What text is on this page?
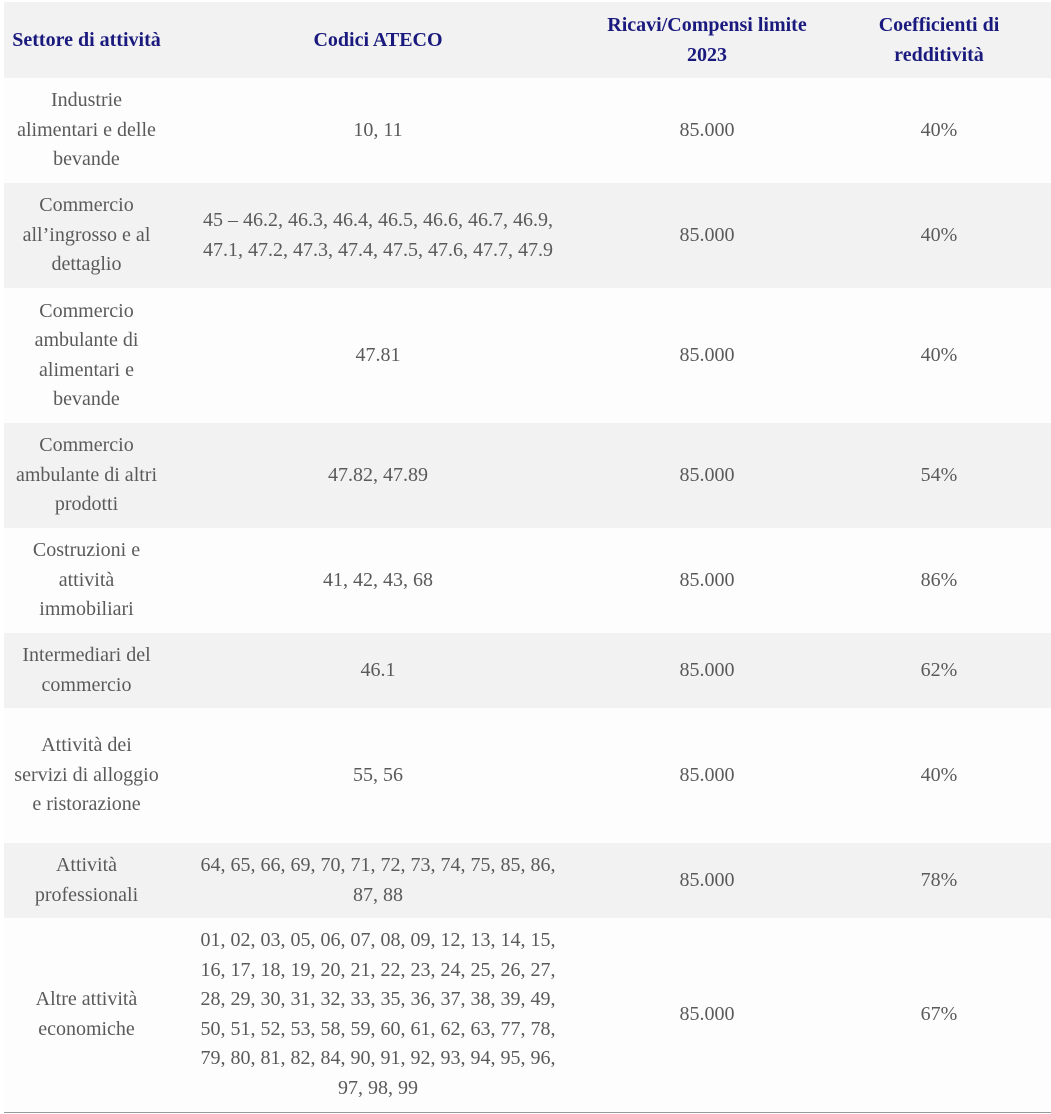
Settore di attività	Codici ATECO	Ricavi/Compensi limite 2023	Coefficienti di redditività
Industrie alimentari e delle bevande	10, 11	85.000	40%
Commercio all’ingrosso e al dettaglio	45 – 46.2, 46.3, 46.4, 46.5, 46.6, 46.7, 46.9, 47.1, 47.2, 47.3, 47.4, 47.5, 47.6, 47.7, 47.9	85.000	40%
Commercio ambulante di alimentari e bevande	47.81	85.000	40%
Commercio ambulante di altri prodotti	47.82, 47.89	85.000	54%
Costruzioni e attività immobiliari	41, 42, 43, 68	85.000	86%
Intermediari del commercio	46.1	85.000	62%
Attività dei servizi di alloggio e ristorazione	55, 56	85.000	40%
Attività professionali	64, 65, 66, 69, 70, 71, 72, 73, 74, 75, 85, 86, 87, 88	85.000	78%
Altre attività economiche	01, 02, 03, 05, 06, 07, 08, 09, 12, 13, 14, 15, 16, 17, 18, 19, 20, 21, 22, 23, 24, 25, 26, 27, 28, 29, 30, 31, 32, 33, 35, 36, 37, 38, 39, 49, 50, 51, 52, 53, 58, 59, 60, 61, 62, 63, 77, 78, 79, 80, 81, 82, 84, 90, 91, 92, 93, 94, 95, 96, 97, 98, 99	85.000	67%
